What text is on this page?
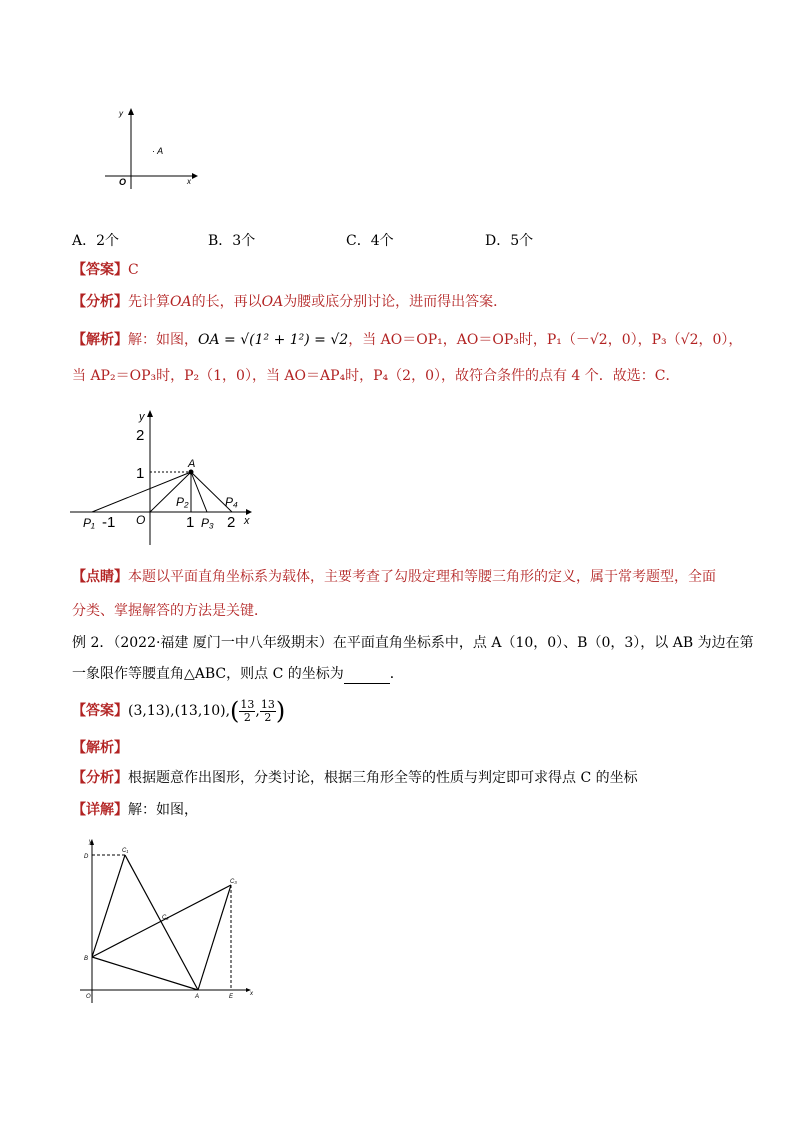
y
· A
O	x
A．2个	B．3个	C．4个	D．5个
【答案】C
【分析】先计算OA的长，再以OA为腰或底分别讨论，进而得出答案．
【解析】解：如图，OA = √(1² + 1²) = √2，当 AO＝OP₁，AO＝OP₃时，P₁（－√2，0），P₃（√2，0），
当 AP₂＝OP₃时，P₂（1，0），当 AO＝AP₄时，P₄（2，0），故符合条件的点有 4 个．故选：C．
y
x
2
1
A
P₂	P₄
P₁ -1 O	1 P₃ 2
【点睛】本题以平面直角坐标系为载体，主要考查了勾股定理和等腰三角形的定义，属于常考题型，全面
分类、掌握解答的方法是关键．
例 2．（2022·福建 厦门一中八年级期末）在平面直角坐标系中，点 A（10，0）、B（0，3），以 AB 为边在第
一象限作等腰直角△ABC，则点 C 的坐标为	．
【答案】$(3,13),(13,10),( \frac{13}{2}$ , $\frac{13}{2}$ )
【解析】
【分析】根据题意作出图形，分类讨论，根据三角形全等的性质与判定即可求得点 C 的坐标
【详解】解：如图，
y
D
C₁
C₂
C₃
B
O	A	E	x
